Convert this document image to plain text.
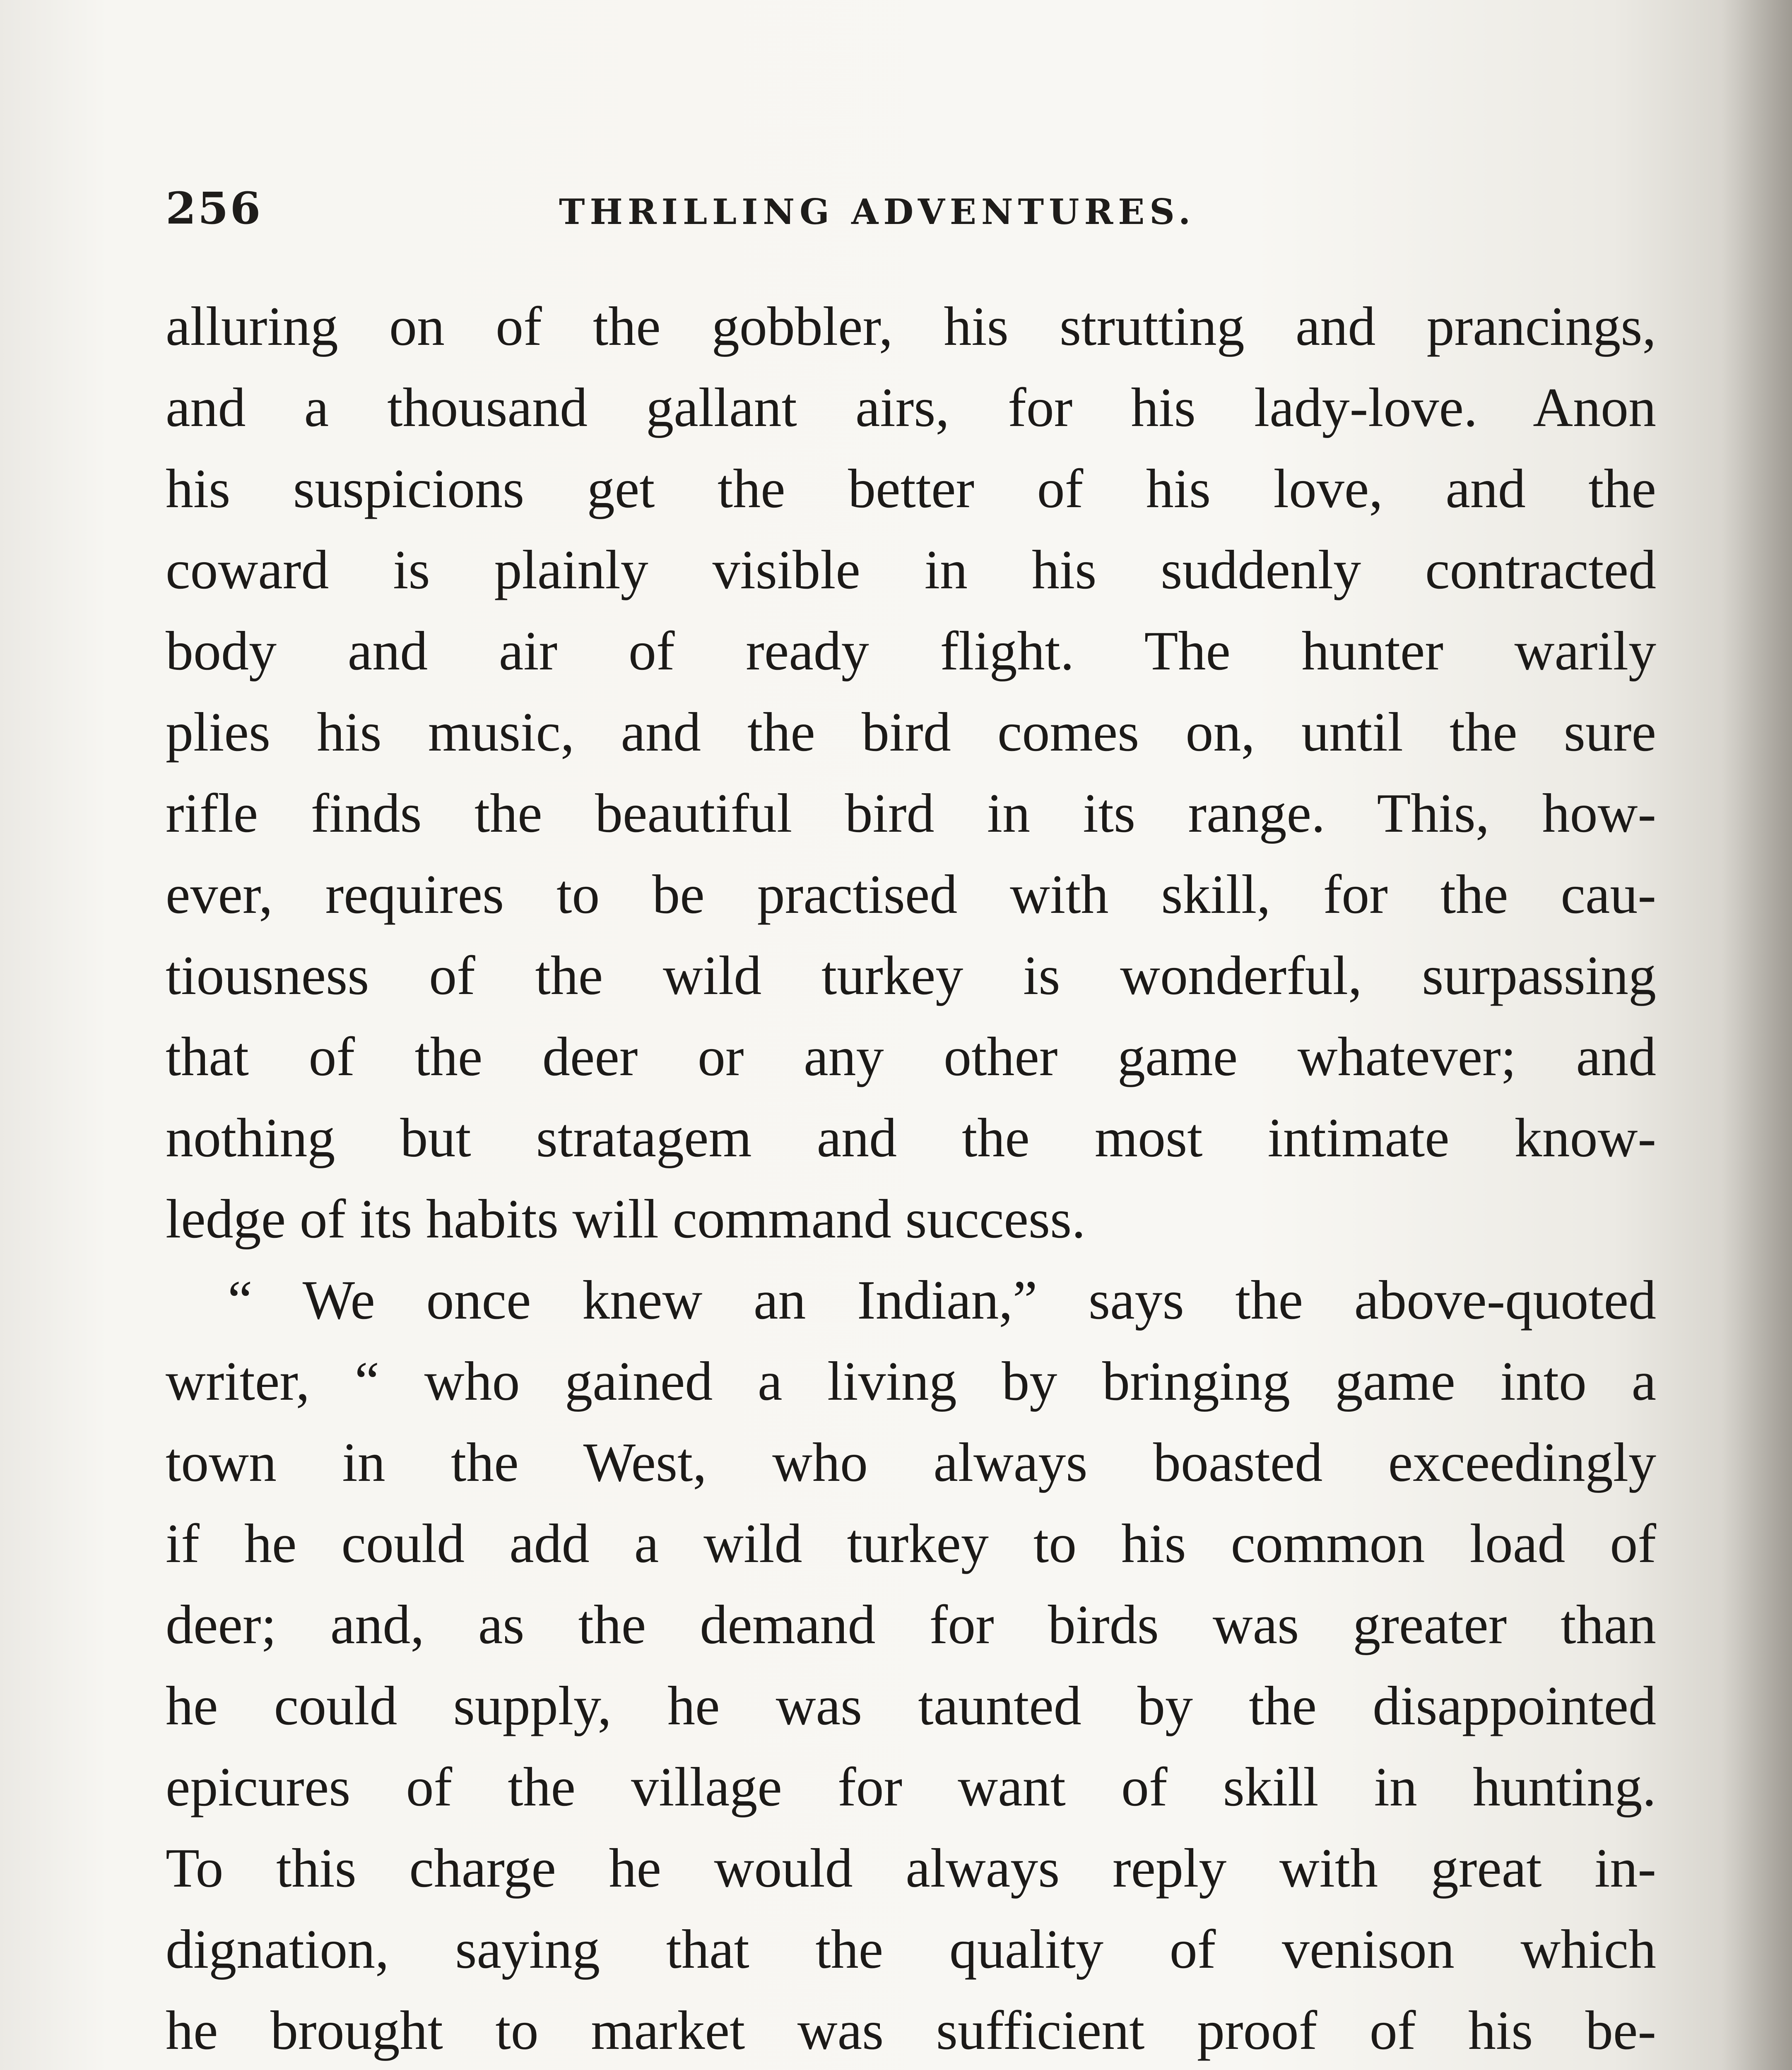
256	THRILLING ADVENTURES.
alluring on of the gobbler, his strutting and prancings,
and a thousand gallant airs, for his lady-love. Anon
his suspicions get the better of his love, and the
coward is plainly visible in his suddenly contracted
body and air of ready flight. The hunter warily
plies his music, and the bird comes on, until the sure
rifle finds the beautiful bird in its range. This, how-
ever, requires to be practised with skill, for the cau-
tiousness of the wild turkey is wonderful, surpassing
that of the deer or any other game whatever; and
nothing but stratagem and the most intimate know-
ledge of its habits will command success.
“ We once knew an Indian,” says the above-quoted
writer, “ who gained a living by bringing game into a
town in the West, who always boasted exceedingly
if he could add a wild turkey to his common load of
deer; and, as the demand for birds was greater than
he could supply, he was taunted by the disappointed
epicures of the village for want of skill in hunting.
To this charge he would always reply with great in-
dignation, saying that the quality of venison which
he brought to market was sufficient proof of his be-
